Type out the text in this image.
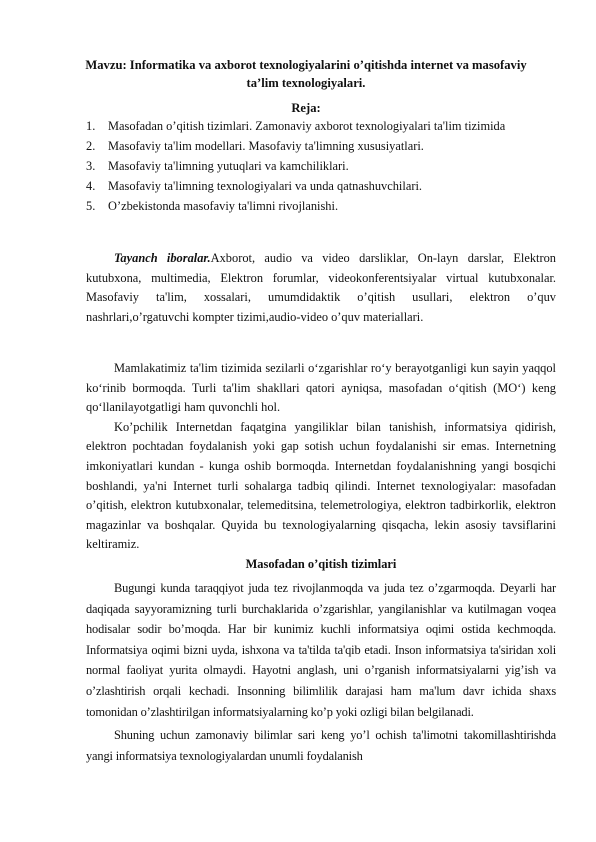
Mavzu: Informatika va axborot texnologiyalarini o’qitishda internet va masofaviy ta’lim texnologiyalari.
Reja:
1. Masofadan o’qitish tizimlari. Zamonaviy axborot texnologiyalari ta'lim tizimida
2. Masofaviy ta'lim modellari. Masofaviy ta'limning xususiyatlari.
3. Masofaviy ta'limning yutuqlari va kamchiliklari.
4. Masofaviy ta'limning texnologiyalari va unda qatnashuvchilari.
5. O’zbekistonda masofaviy ta'limni rivojlanishi.

Tayanch iboralar.Axborot, audio va video darsliklar, On-layn darslar, Elektron kutubxona, multimedia, Elektron forumlar, videokonferentsiyalar virtual kutubxonalar. Masofaviy ta'lim, xossalari, umumdidaktik o’qitish usullari, elektron o’quv nashrlari,o’rgatuvchi kompter tizimi,audio-video o’quv materiallari.

Mamlakatimiz ta'lim tizimida sezilarli o‘zgarishlar ro‘y berayotganligi kun sayin yaqqol ko‘rinib bormoqda. Turli ta'lim shakllari qatori ayniqsa, masofadan o‘qitish (MO‘) keng qo‘llanilayotgatligi ham quvonchli hol.

Ko’pchilik Internetdan faqatgina yangiliklar bilan tanishish, informatsiya qidirish, elektron pochtadan foydalanish yoki gap sotish uchun foydalanishi sir emas. Internetning imkoniyatlari kundan - kunga oshib bormoqda. Internetdan foydalanishning yangi bosqichi boshlandi, ya'ni Internet turli sohalarga tadbiq qilindi. Internet texnologiyalar: masofadan o’qitish, elektron kutubxonalar, telemeditsina, telemetrologiya, elektron tadbirkorlik, elektron magazinlar va boshqalar. Quyida bu texnologiyalarning qisqacha, lekin asosiy tavsiflarini keltiramiz.

Masofadan o’qitish tizimlari

Bugungi kunda taraqqiyot juda tez rivojlanmoqda va juda tez o’zgarmoqda. Deyarli har daqiqada sayyoramizning turli burchaklarida o’zgarishlar, yangilanishlar va kutilmagan voqea hodisalar sodir bo’moqda. Har bir kunimiz kuchli informatsiya oqimi ostida kechmoqda. Informatsiya oqimi bizni uyda, ishxona va ta'tilda ta'qib etadi. Inson informatsiya ta'siridan xoli normal faoliyat yurita olmaydi. Hayotni anglash, uni o’rganish informatsiyalarni yig’ish va o’zlashtirish orqali kechadi. Insonning bilimlilik darajasi ham ma'lum davr ichida shaxs tomonidan o’zlashtirilgan informatsiyalarning ko’p yoki ozligi bilan belgilanadi.

Shuning uchun zamonaviy bilimlar sari keng yo’l ochish ta'limotni takomillashtirishda yangi informatsiya texnologiyalardan unumli foydalanish
